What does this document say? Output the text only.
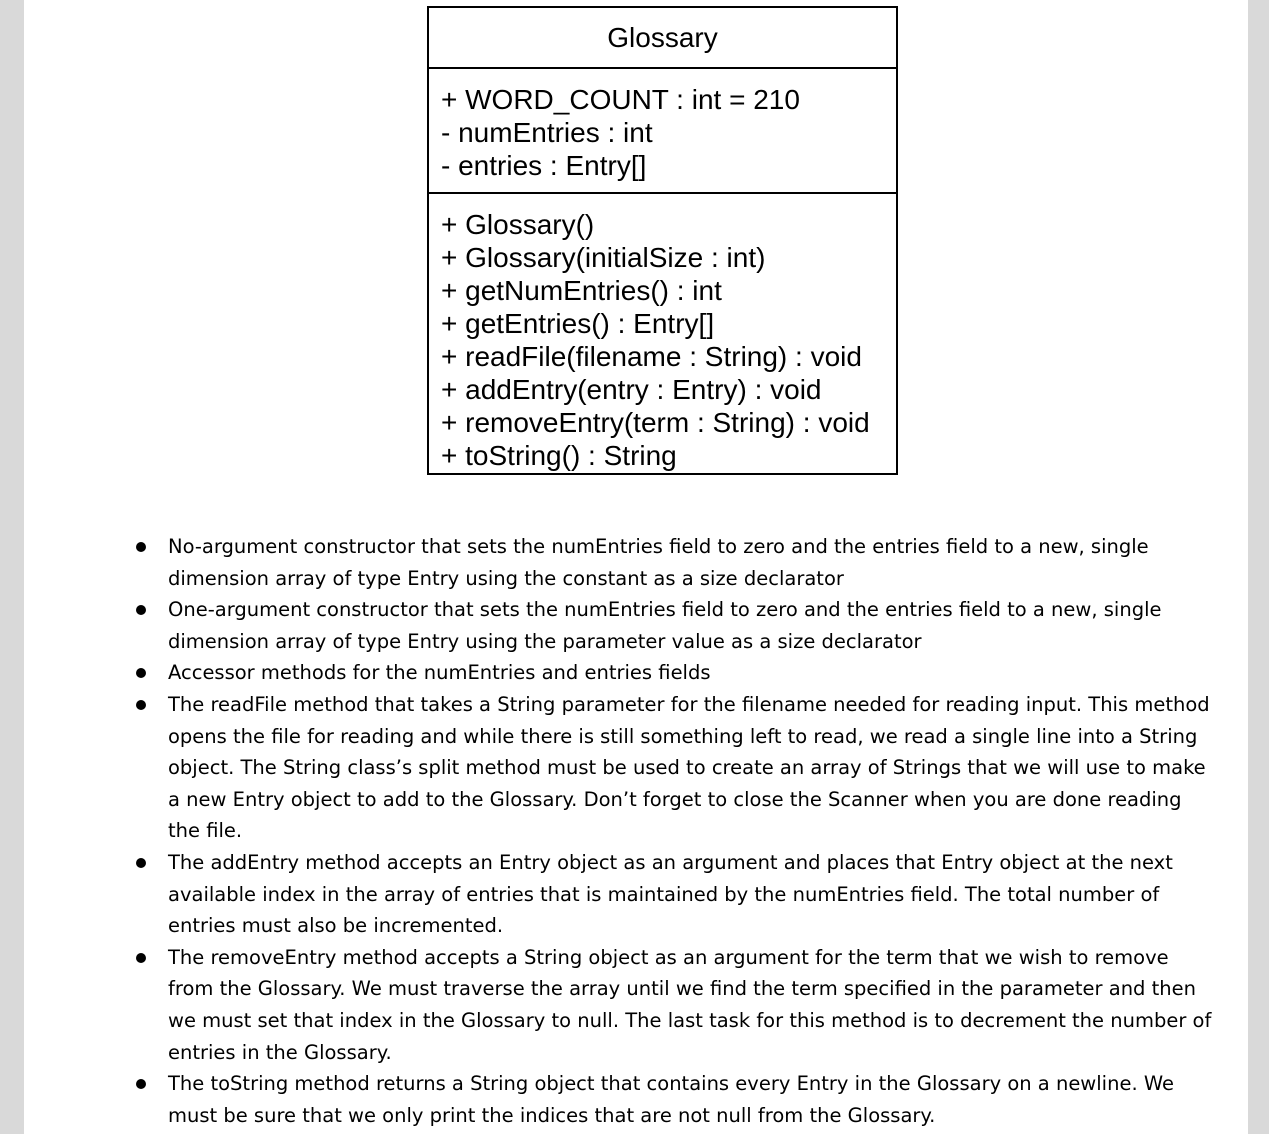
Glossary
+ WORD_COUNT : int = 210
- numEntries : int
- entries : Entry[]
+ Glossary()
+ Glossary(initialSize : int)
+ getNumEntries() : int
+ getEntries() : Entry[]
+ readFile(filename : String) : void
+ addEntry(entry : Entry) : void
+ removeEntry(term : String) : void
+ toString() : String
No-argument constructor that sets the numEntries field to zero and the entries field to a new, single dimension array of type Entry using the constant as a size declarator
One-argument constructor that sets the numEntries field to zero and the entries field to a new, single dimension array of type Entry using the parameter value as a size declarator
Accessor methods for the numEntries and entries fields
The readFile method that takes a String parameter for the filename needed for reading input. This method opens the file for reading and while there is still something left to read, we read a single line into a String object. The String class’s split method must be used to create an array of Strings that we will use to make a new Entry object to add to the Glossary. Don’t forget to close the Scanner when you are done reading the file.
The addEntry method accepts an Entry object as an argument and places that Entry object at the next available index in the array of entries that is maintained by the numEntries field. The total number of entries must also be incremented.
The removeEntry method accepts a String object as an argument for the term that we wish to remove from the Glossary. We must traverse the array until we find the term specified in the parameter and then we must set that index in the Glossary to null. The last task for this method is to decrement the number of entries in the Glossary.
The toString method returns a String object that contains every Entry in the Glossary on a newline. We must be sure that we only print the indices that are not null from the Glossary.
